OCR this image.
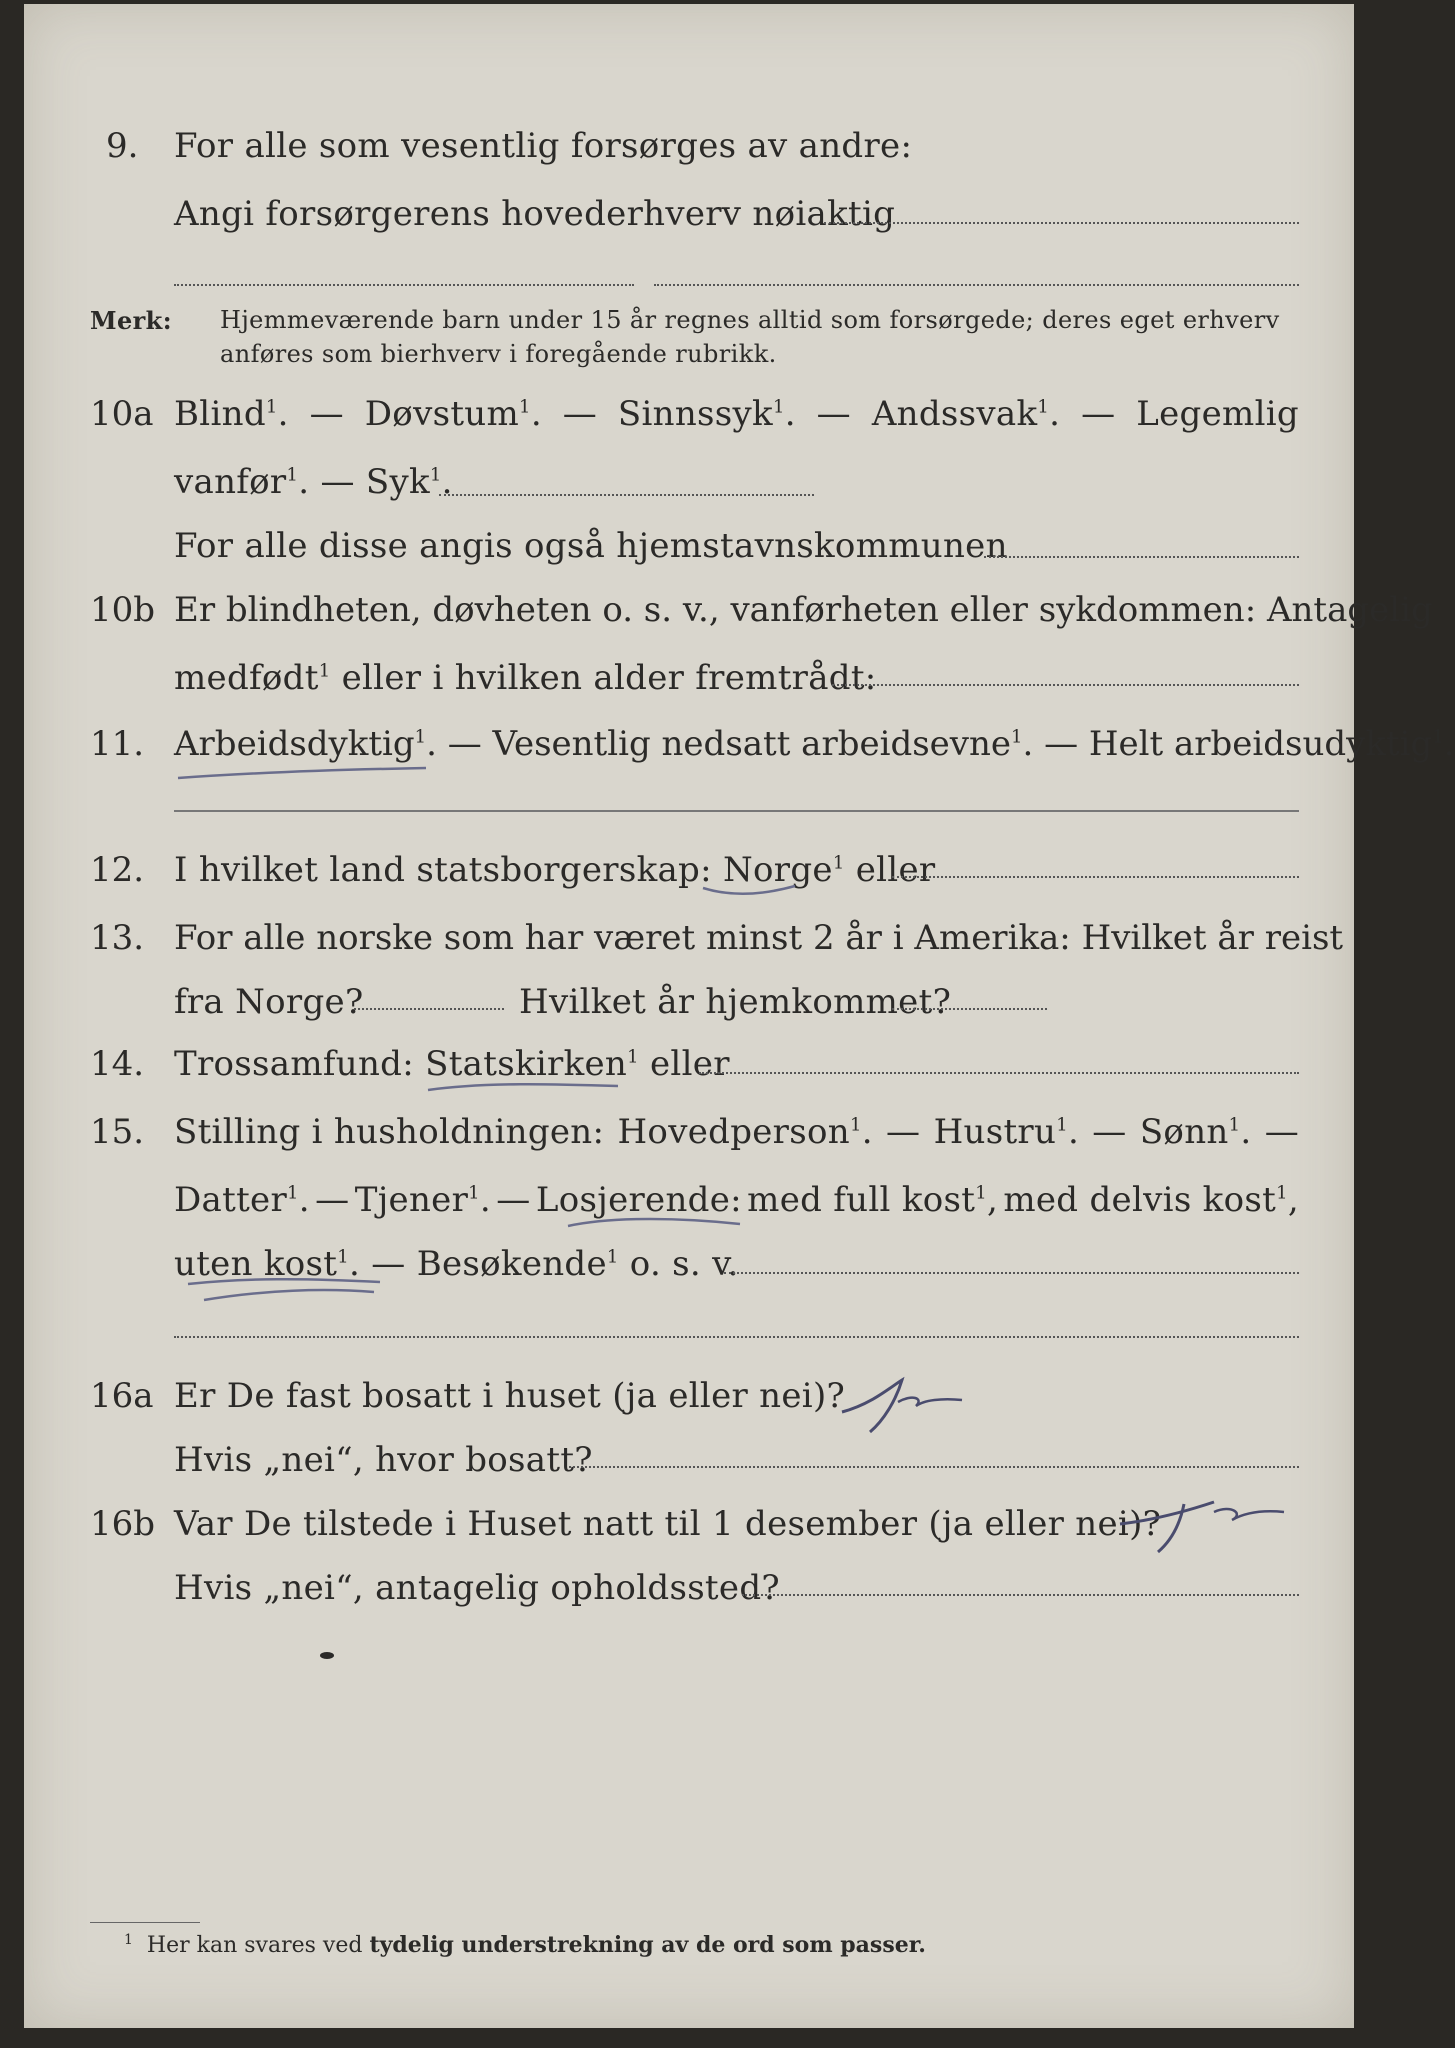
9. For alle som vesentlig forsørges av andre:
Angi forsørgerens hovederhverv nøiaktig
Merk: Hjemmeværende barn under 15 år regnes alltid som forsørgede; deres eget erhverv
anføres som bierhverv i foregående rubrikk.
10a Blind$^1$. — Døvstum$^1$. — Sinnssyk$^1$. — Andssvak$^1$. — Legemlig
vanfør$^1$. — Syk$^1$.
For alle disse angis også hjemstavnskommunen
10b Er blindheten, døvheten o. s. v., vanførheten eller sykdommen: Antagelig
medfødt$^1$ eller i hvilken alder fremtrådt:
11. Arbeidsdyktig$^1$. — Vesentlig nedsatt arbeidsevne$^1$. — Helt arbeidsudyktig$^1$.
12. I hvilket land statsborgerskap: Norge$^1$ eller
13. For alle norske som har været minst 2 år i Amerika: Hvilket år reist
fra Norge?	Hvilket år hjemkommet?
14. Trossamfund: Statskirken$^1$ eller
15. Stilling i husholdningen: Hovedperson$^1$. — Hustru$^1$. — Sønn$^1$. —
Datter$^1$. — Tjener$^1$. — Losjerende: med full kost$^1$, med delvis kost$^1$,
uten kost$^1$. — Besøkende$^1$ o. s. v.
16a Er De fast bosatt i huset (ja eller nei)?
Hvis „nei“, hvor bosatt?
16b Var De tilstede i Huset natt til 1 desember (ja eller nei)?
Hvis „nei“, antagelig opholdssted?
$^1$ Her kan svares ved tydelig understrekning av de ord som passer.
